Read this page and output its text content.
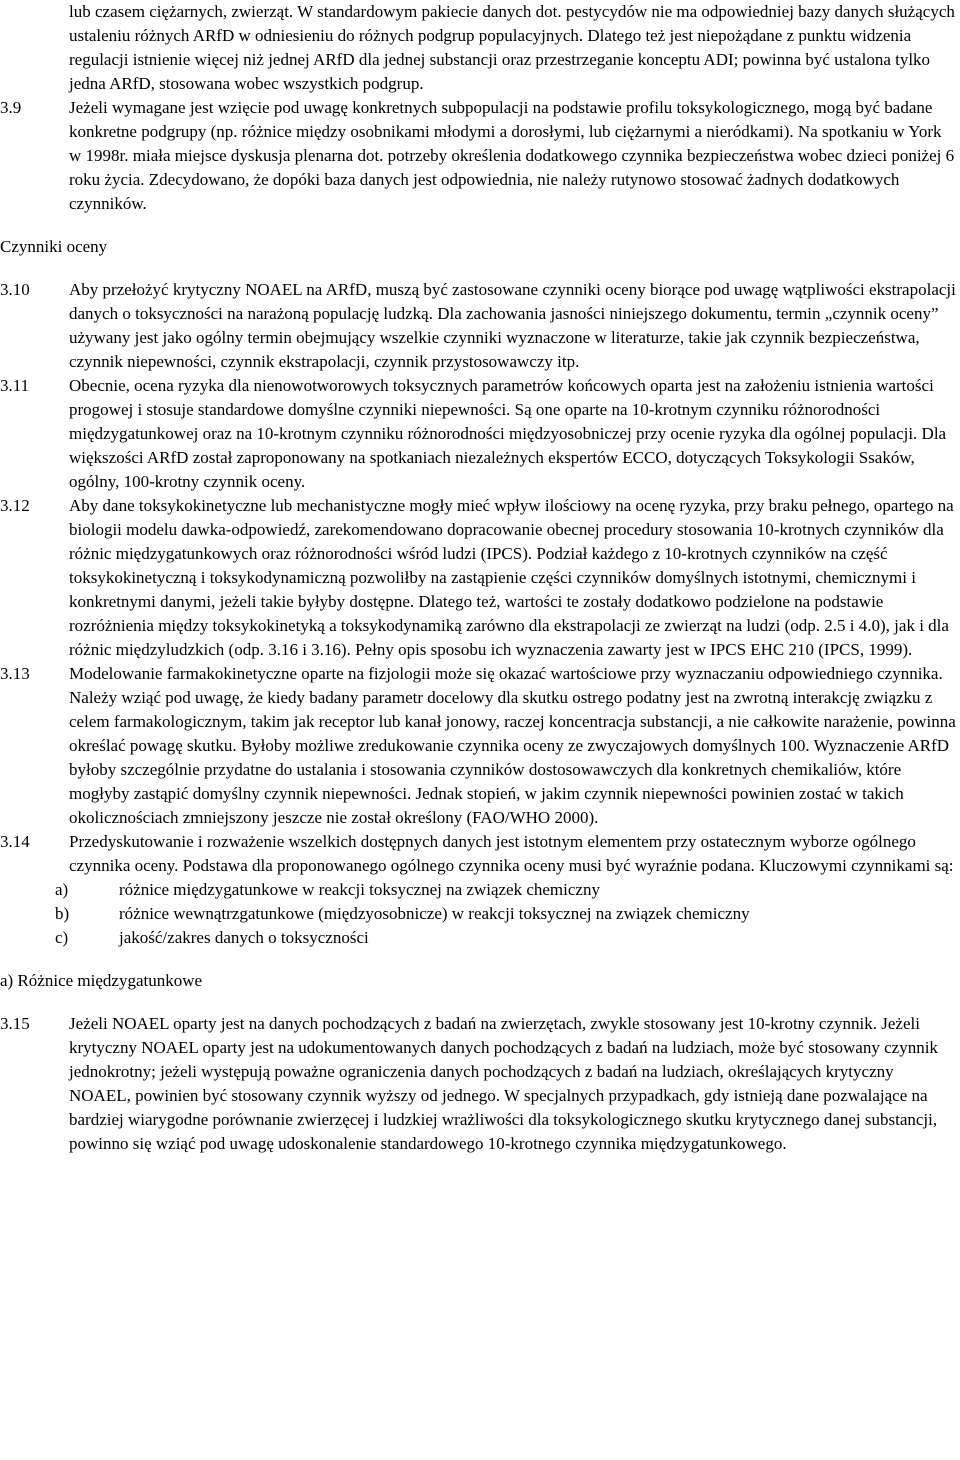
lub czasem ciężarnych, zwierząt. W standardowym pakiecie danych dot. pestycydów nie ma odpowiedniej bazy danych służących ustaleniu różnych ARfD w odniesieniu do różnych podgrup populacyjnych. Dlatego też jest niepożądane z punktu widzenia regulacji istnienie więcej niż jednej ARfD dla jednej substancji oraz przestrzeganie konceptu ADI; powinna być ustalona tylko jedna ARfD, stosowana wobec wszystkich podgrup.
3.9	Jeżeli wymagane jest wzięcie pod uwagę konkretnych subpopulacji na podstawie profilu toksykologicznego, mogą być badane konkretne podgrupy (np. różnice między osobnikami młodymi a dorosłymi, lub ciężarnymi a nieródkami). Na spotkaniu w York w 1998r. miała miejsce dyskusja plenarna dot. potrzeby określenia dodatkowego czynnika bezpieczeństwa wobec dzieci poniżej 6 roku życia. Zdecydowano, że dopóki baza danych jest odpowiednia, nie należy rutynowo stosować żadnych dodatkowych czynników.
Czynniki oceny
3.10	Aby przełożyć krytyczny NOAEL na ARfD, muszą być zastosowane czynniki oceny biorące pod uwagę wątpliwości ekstrapolacji danych o toksyczności na narażoną populację ludzką. Dla zachowania jasności niniejszego dokumentu, termin „czynnik oceny” używany jest jako ogólny termin obejmujący wszelkie czynniki wyznaczone w literaturze, takie jak czynnik bezpieczeństwa, czynnik niepewności, czynnik ekstrapolacji, czynnik przystosowawczy itp.
3.11	Obecnie, ocena ryzyka dla nienowotworowych toksycznych parametrów końcowych oparta jest na założeniu istnienia wartości progowej i stosuje standardowe domyślne czynniki niepewności. Są one oparte na 10-krotnym czynniku różnorodności międzygatunkowej oraz na 10-krotnym czynniku różnorodności międzyosobniczej przy ocenie ryzyka dla ogólnej populacji. Dla większości ARfD został zaproponowany na spotkaniach niezależnych ekspertów ECCO, dotyczących Toksykologii Ssaków, ogólny, 100-krotny czynnik oceny.
3.12	Aby dane toksykokinetyczne lub mechanistyczne mogły mieć wpływ ilościowy na ocenę ryzyka, przy braku pełnego, opartego na biologii modelu dawka-odpowiedź, zarekomendowano dopracowanie obecnej procedury stosowania 10-krotnych czynników dla różnic międzygatunkowych oraz różnorodności wśród ludzi (IPCS). Podział każdego z 10-krotnych czynników na część toksykokinetyczną i toksykodynamiczną pozwoliłby na zastąpienie części czynników domyślnych istotnymi, chemicznymi i konkretnymi danymi, jeżeli takie byłyby dostępne. Dlatego też, wartości te zostały dodatkowo podzielone na podstawie rozróżnienia między toksykokinetyką a toksykodynamiką zarówno dla ekstrapolacji ze zwierząt na ludzi (odp. 2.5 i 4.0), jak i dla różnic międzyludzkich (odp. 3.16 i 3.16). Pełny opis sposobu ich wyznaczenia zawarty jest w IPCS EHC 210 (IPCS, 1999).
3.13	Modelowanie farmakokinetyczne oparte na fizjologii może się okazać wartościowe przy wyznaczaniu odpowiedniego czynnika. Należy wziąć pod uwagę, że kiedy badany parametr docelowy dla skutku ostrego podatny jest na zwrotną interakcję związku z celem farmakologicznym, takim jak receptor lub kanał jonowy, raczej koncentracja substancji, a nie całkowite narażenie, powinna określać powagę skutku. Byłoby możliwe zredukowanie czynnika oceny ze zwyczajowych domyślnych 100. Wyznaczenie ARfD byłoby szczególnie przydatne do ustalania i stosowania czynników dostosowawczych dla konkretnych chemikaliów, które mogłyby zastąpić domyślny czynnik niepewności. Jednak stopień, w jakim czynnik niepewności powinien zostać w takich okolicznościach zmniejszony jeszcze nie został określony (FAO/WHO 2000).
3.14	Przedyskutowanie i rozważenie wszelkich dostępnych danych jest istotnym elementem przy ostatecznym wyborze ogólnego czynnika oceny. Podstawa dla proponowanego ogólnego czynnika oceny musi być wyraźnie podana. Kluczowymi czynnikami są:
a)	różnice międzygatunkowe w reakcji toksycznej na związek chemiczny
b)	różnice wewnątrzgatunkowe (międzyosobnicze) w reakcji toksycznej na związek chemiczny
c)	jakość/zakres danych o toksyczności
a) Różnice międzygatunkowe
3.15	Jeżeli NOAEL oparty jest na danych pochodzących z badań na zwierzętach, zwykle stosowany jest 10-krotny czynnik. Jeżeli krytyczny NOAEL oparty jest na udokumentowanych danych pochodzących z badań na ludziach, może być stosowany czynnik jednokrotny; jeżeli występują poważne ograniczenia danych pochodzących z badań na ludziach, określających krytyczny NOAEL, powinien być stosowany czynnik wyższy od jednego. W specjalnych przypadkach, gdy istnieją dane pozwalające na bardziej wiarygodne porównanie zwierzęcej i ludzkiej wrażliwości dla toksykologicznego skutku krytycznego danej substancji, powinno się wziąć pod uwagę udoskonalenie standardowego 10-krotnego czynnika międzygatunkowego.
